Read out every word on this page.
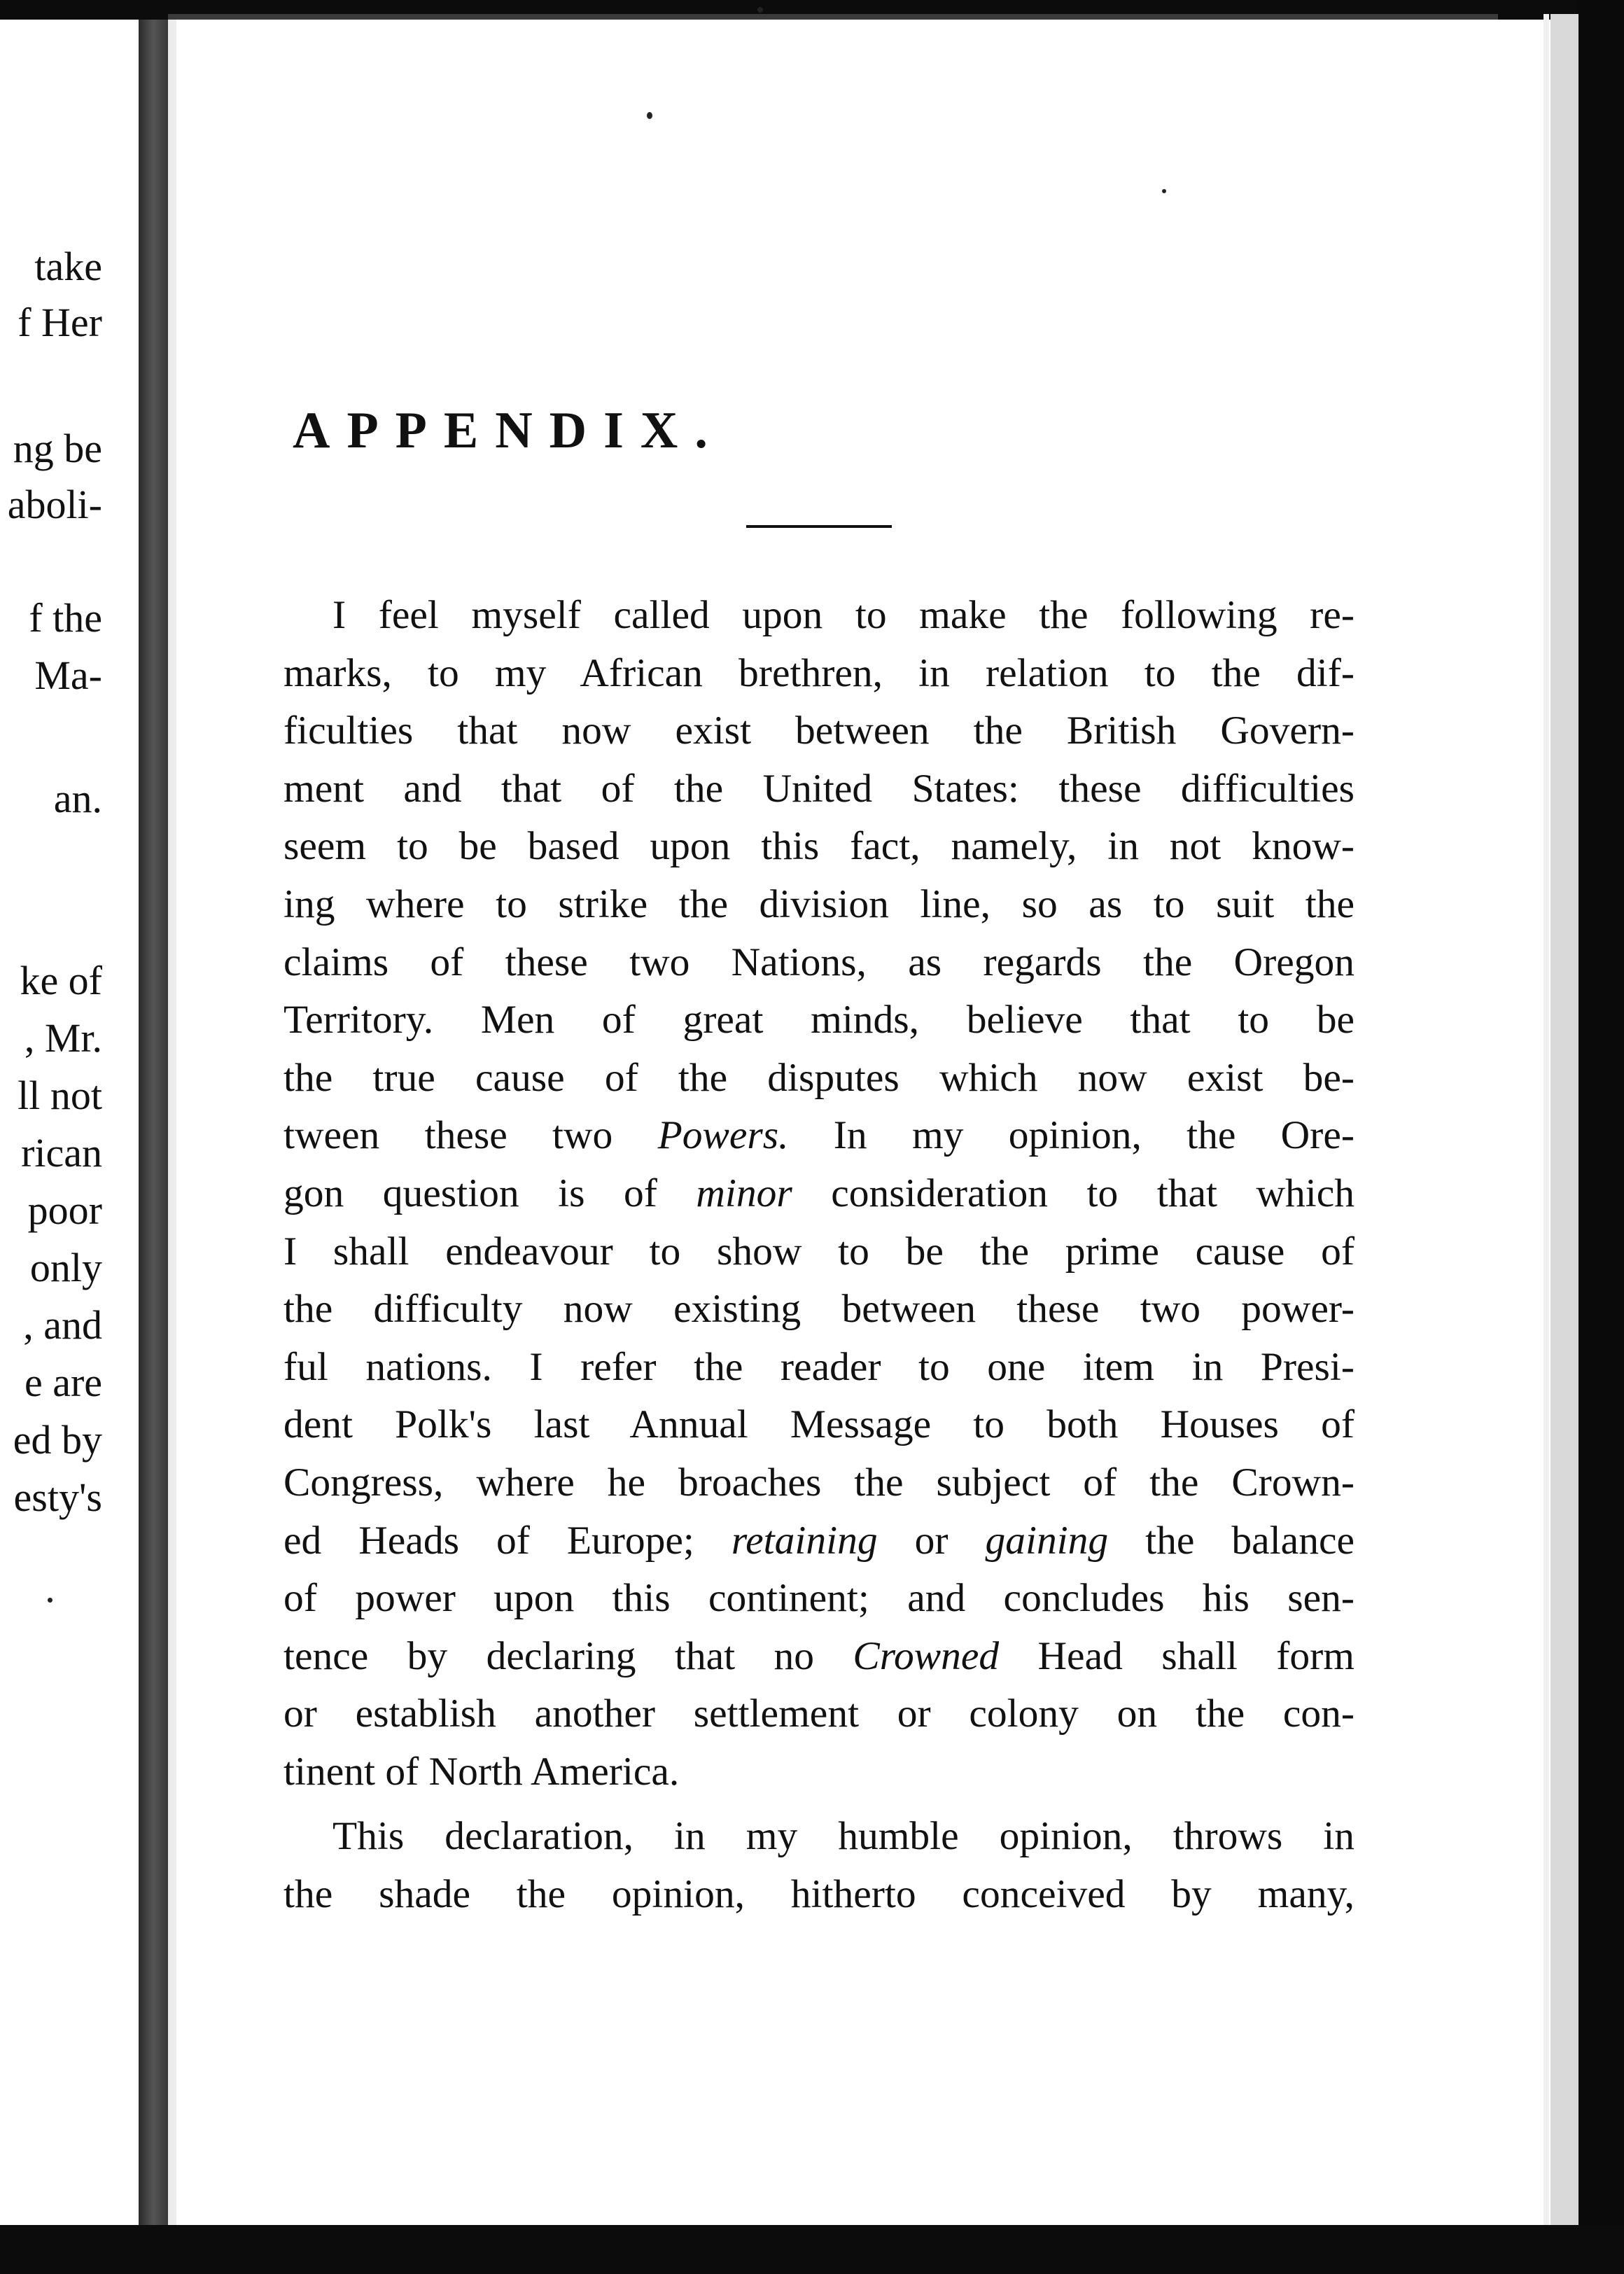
take
f Her
ng be
aboli-
f the
Ma-
an.
ke of
, Mr.
ll not
rican
poor
only
, and
e are
ed by
esty's
APPENDIX.
I feel myself called upon to make the following re-
marks, to my African brethren, in relation to the dif-
ficulties that now exist between the British Govern-
ment and that of the United States: these difficulties
seem to be based upon this fact, namely, in not know-
ing where to strike the division line, so as to suit the
claims of these two Nations, as regards the Oregon
Territory. Men of great minds, believe that to be
the true cause of the disputes which now exist be-
tween these two Powers. In my opinion, the Ore-
gon question is of minor consideration to that which
I shall endeavour to show to be the prime cause of
the difficulty now existing between these two power-
ful nations. I refer the reader to one item in Presi-
dent Polk's last Annual Message to both Houses of
Congress, where he broaches the subject of the Crown-
ed Heads of Europe; retaining or gaining the balance
of power upon this continent; and concludes his sen-
tence by declaring that no Crowned Head shall form
or establish another settlement or colony on the con-
tinent of North America.
This declaration, in my humble opinion, throws in
the shade the opinion, hitherto conceived by many,
